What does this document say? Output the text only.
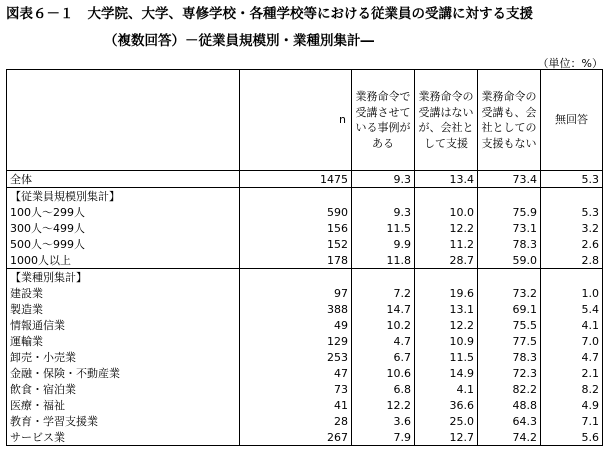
図表６－１ 大学院、大学、専修学校・各種学校等における従業員の受講に対する支援
（複数回答）－従業員規模別・業種別集計―
（単位：%）
	n	業務命令で受講させている事例がある	業務命令の受講はないが、会社として支援	業務命令の受講も、会社としての支援もない	無回答
全体	1475	9.3	13.4	73.4	5.3
【従業員規模別集計】					
100人～299人	590	9.3	10.0	75.9	5.3
300人～499人	156	11.5	12.2	73.1	3.2
500人～999人	152	9.9	11.2	78.3	2.6
1000人以上	178	11.8	28.7	59.0	2.8
【業種別集計】					
建設業	97	7.2	19.6	73.2	1.0
製造業	388	14.7	13.1	69.1	5.4
情報通信業	49	10.2	12.2	75.5	4.1
運輸業	129	4.7	10.9	77.5	7.0
卸売・小売業	253	6.7	11.5	78.3	4.7
金融・保険・不動産業	47	10.6	14.9	72.3	2.1
飲食・宿泊業	73	6.8	4.1	82.2	8.2
医療・福祉	41	12.2	36.6	48.8	4.9
教育・学習支援業	28	3.6	25.0	64.3	7.1
サービス業	267	7.9	12.7	74.2	5.6
